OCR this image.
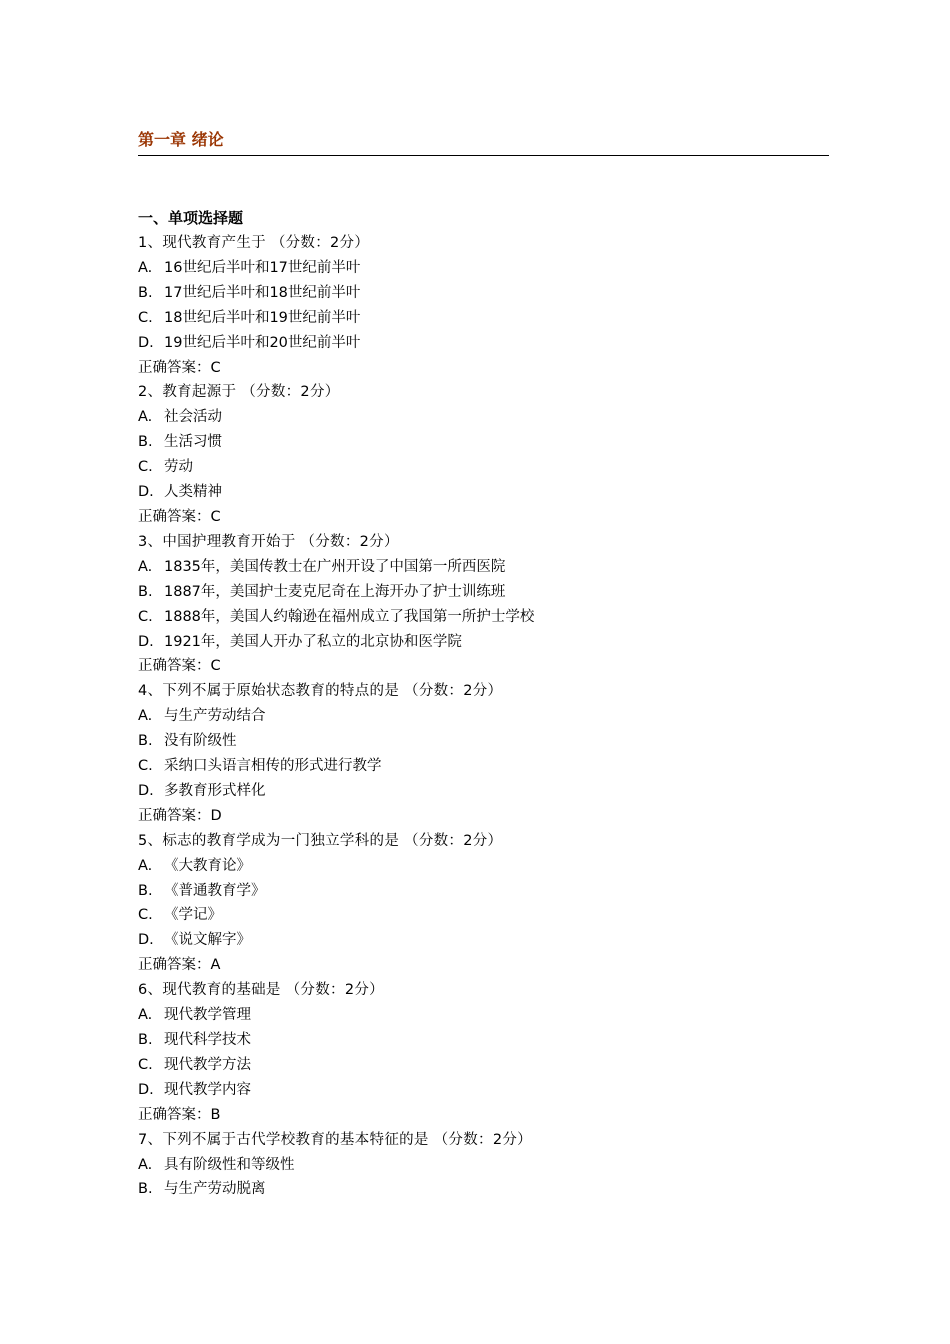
第一章 绪论
一、单项选择题
1、现代教育产生于 （分数：2分）
A. 16世纪后半叶和17世纪前半叶
B. 17世纪后半叶和18世纪前半叶
C. 18世纪后半叶和19世纪前半叶
D. 19世纪后半叶和20世纪前半叶
正确答案：C
2、教育起源于 （分数：2分）
A. 社会活动
B. 生活习惯
C. 劳动
D. 人类精神
正确答案：C
3、中国护理教育开始于 （分数：2分）
A. 1835年，美国传教士在广州开设了中国第一所西医院
B. 1887年，美国护士麦克尼奇在上海开办了护士训练班
C. 1888年，美国人约翰逊在福州成立了我国第一所护士学校
D. 1921年，美国人开办了私立的北京协和医学院
正确答案：C
4、下列不属于原始状态教育的特点的是 （分数：2分）
A. 与生产劳动结合
B. 没有阶级性
C. 采纳口头语言相传的形式进行教学
D. 多教育形式样化
正确答案：D
5、标志的教育学成为一门独立学科的是 （分数：2分）
A. 《大教育论》
B. 《普通教育学》
C. 《学记》
D. 《说文解字》
正确答案：A
6、现代教育的基础是 （分数：2分）
A. 现代教学管理
B. 现代科学技术
C. 现代教学方法
D. 现代教学内容
正确答案：B
7、下列不属于古代学校教育的基本特征的是 （分数：2分）
A. 具有阶级性和等级性
B. 与生产劳动脱离
